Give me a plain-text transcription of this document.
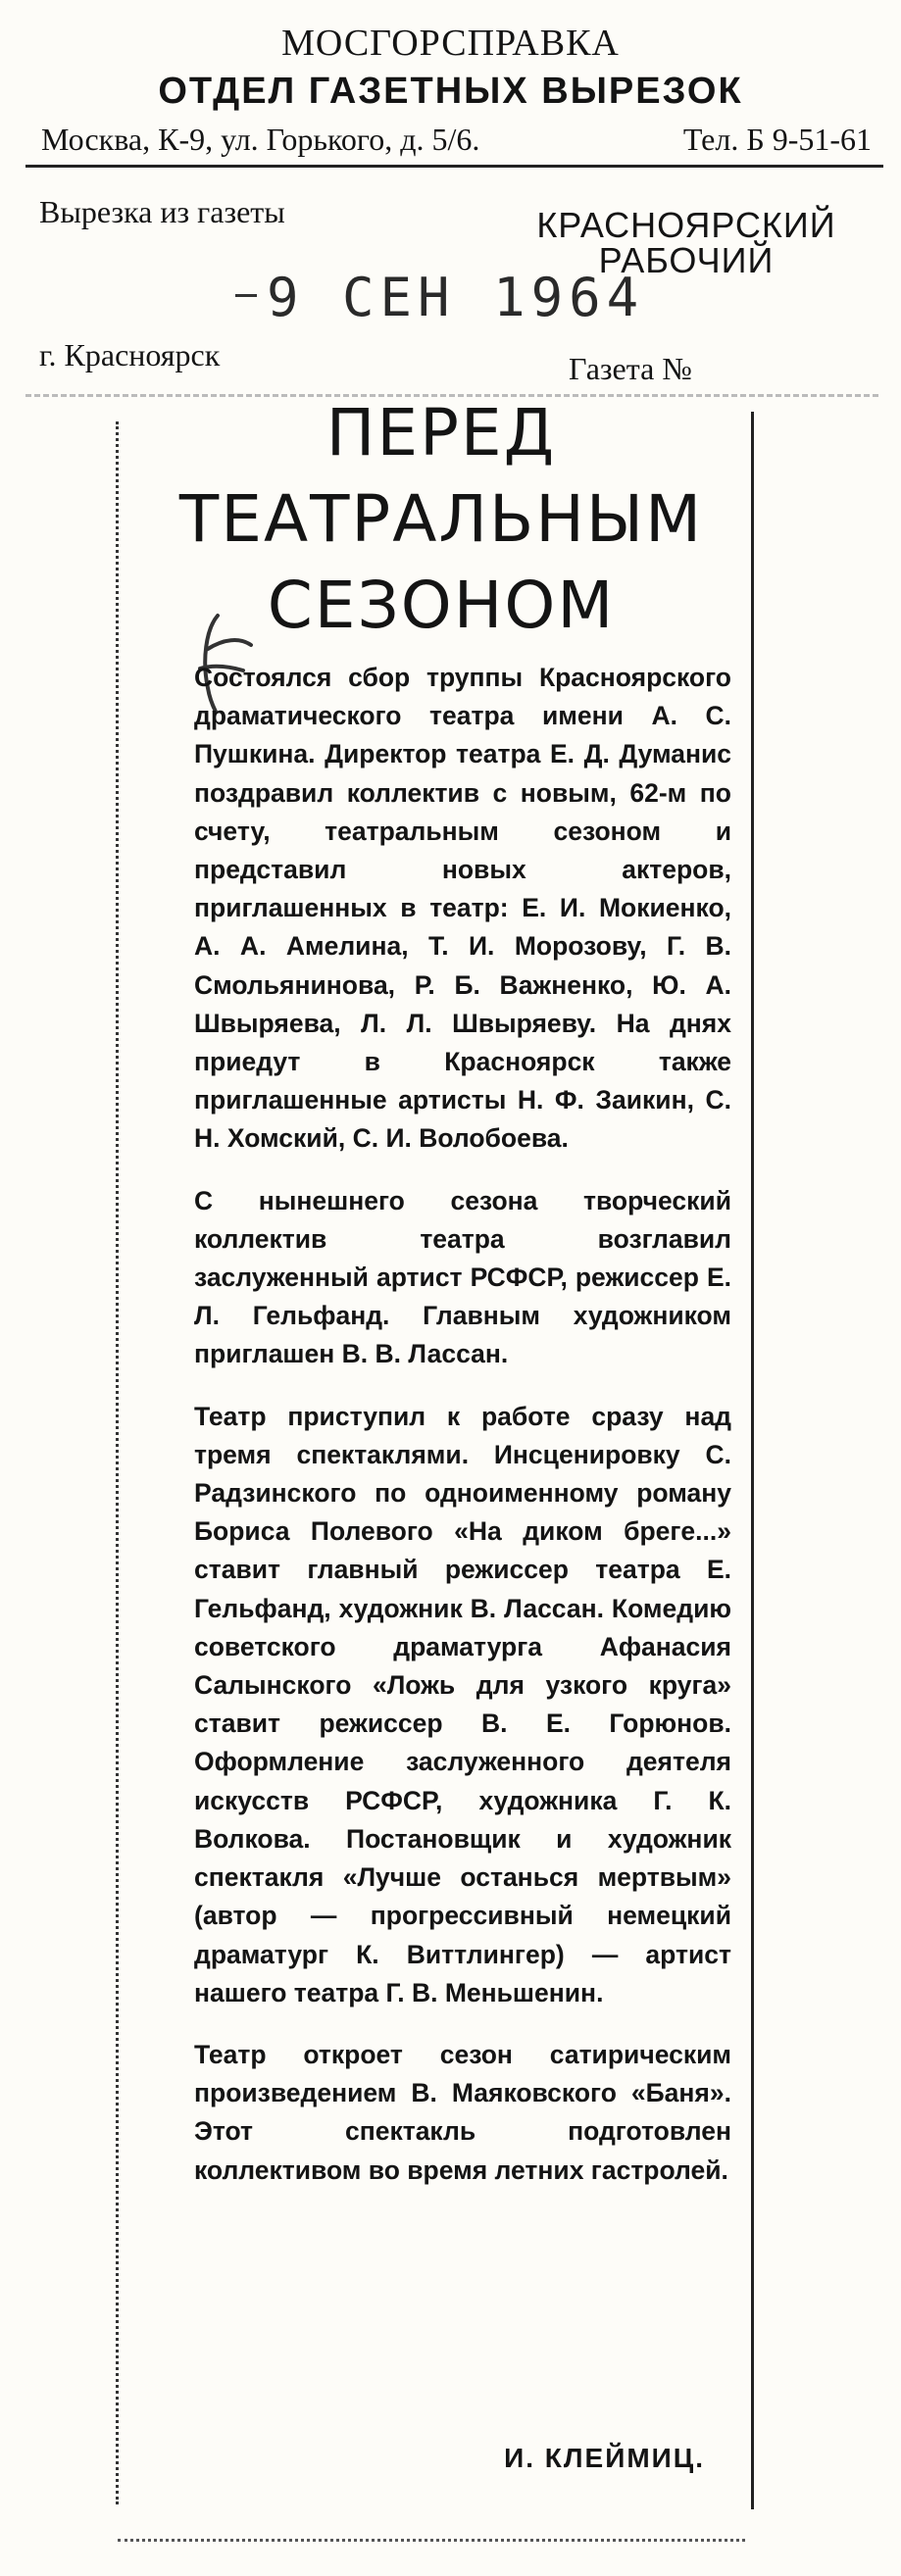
МОСГОРСПРАВКА
ОТДЕЛ ГАЗЕТНЫХ ВЫРЕЗОК
Москва, К-9, ул. Горького, д. 5/6.	Тел. Б 9-51-61
Вырезка из газеты	КРАСНОЯРСКИЙ
РАБОЧИЙ
9 СЕН 1964
г. Красноярск	Газета №
ПЕРЕД
ТЕАТРАЛЬНЫМ
СЕЗОНОМ

Состоялся сбор труппы Красноярского драматического театра имени А. С. Пушкина. Директор театра Е. Д. Думанис поздравил коллектив с новым, 62-м по счету, театральным сезоном и представил новых актеров, приглашенных в театр: Е. И. Мокиенко, А. А. Амелина, Т. И. Морозову, Г. В. Смольянинова, Р. Б. Важненко, Ю. А. Швыряева, Л. Л. Швыряеву. На днях приедут в Красноярск также приглашенные артисты Н. Ф. Заикин, С. Н. Хомский, С. И. Волобоева.

С нынешнего сезона творческий коллектив театра возглавил заслуженный артист РСФСР, режиссер Е. Л. Гельфанд. Главным художником приглашен В. В. Лассан.

Театр приступил к работе сразу над тремя спектаклями. Инсценировку С. Радзинского по одноименному роману Бориса Полевого «На диком бреге...» ставит главный режиссер театра Е. Гельфанд, художник В. Лассан. Комедию советского драматурга Афанасия Салынского «Ложь для узкого круга» ставит режиссер В. Е. Горюнов. Оформление заслуженного деятеля искусств РСФСР, художника Г. К. Волкова. Постановщик и художник спектакля «Лучше останься мертвым» (автор — прогрессивный немецкий драматург К. Виттлингер) — артист нашего театра Г. В. Меньшенин.

Театр откроет сезон сатирическим произведением В. Маяковского «Баня». Этот спектакль подготовлен коллективом во время летних гастролей.

И. КЛЕЙМИЦ.
